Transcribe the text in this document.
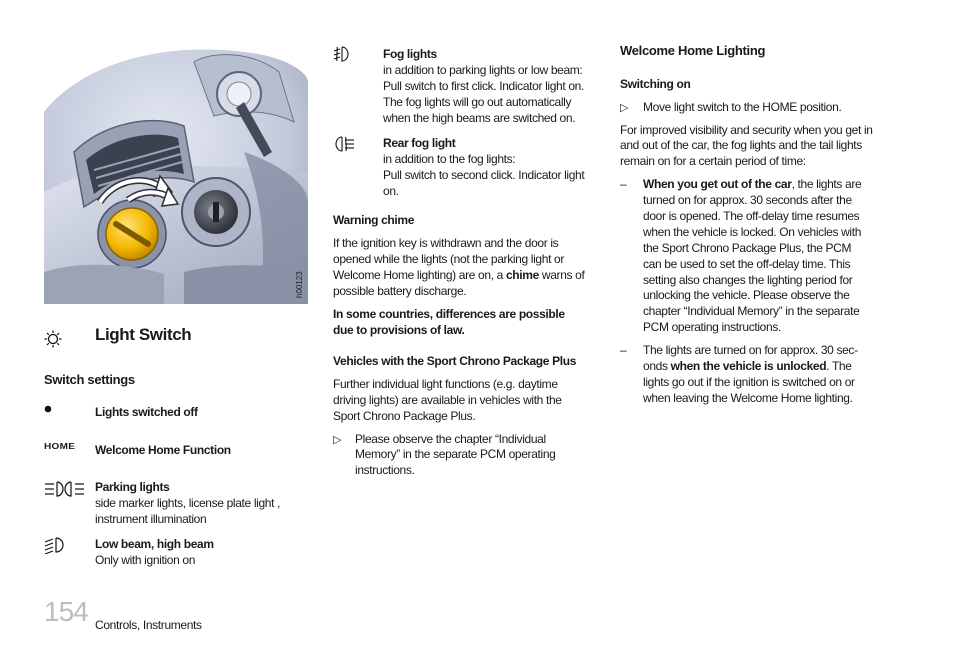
h00123
Light Switch
Switch settings
Lights switched off
HOME Welcome Home Function
Parking lights
side marker lights, license plate light , instrument illumination
Low beam, high beam
Only with ignition on
Fog lights
in addition to parking lights or low beam:
Pull switch to first click. Indicator light on.
The fog lights will go out automatically
when the high beams are switched on.
Rear fog light
in addition to the fog lights:
Pull switch to second click. Indicator light
on.
Warning chime
If the ignition key is withdrawn and the door is
opened while the lights (not the parking light or
Welcome Home lighting) are on, a chime warns of
possible battery discharge.
In some countries, differences are possible
due to provisions of law.
Vehicles with the Sport Chrono Package Plus
Further individual light functions (e.g. daytime
driving lights) are available in vehicles with the
Sport Chrono Package Plus.
▷ Please observe the chapter “Individual
Memory” in the separate PCM operating
instructions.
Welcome Home Lighting
Switching on
▷ Move light switch to the HOME position.
For improved visibility and security when you get in
and out of the car, the fog lights and the tail lights
remain on for a certain period of time:
– When you get out of the car, the lights are
turned on for approx. 30 seconds after the
door is opened. The off-delay time resumes
when the vehicle is locked. On vehicles with
the Sport Chrono Package Plus, the PCM
can be used to set the off-delay time. This
setting also changes the lighting period for
unlocking the vehicle. Please observe the
chapter “Individual Memory” in the separate
PCM operating instructions.
– The lights are turned on for approx. 30 sec-
onds when the vehicle is unlocked. The
lights go out if the ignition is switched on or
when leaving the Welcome Home lighting.
154 Controls, Instruments
